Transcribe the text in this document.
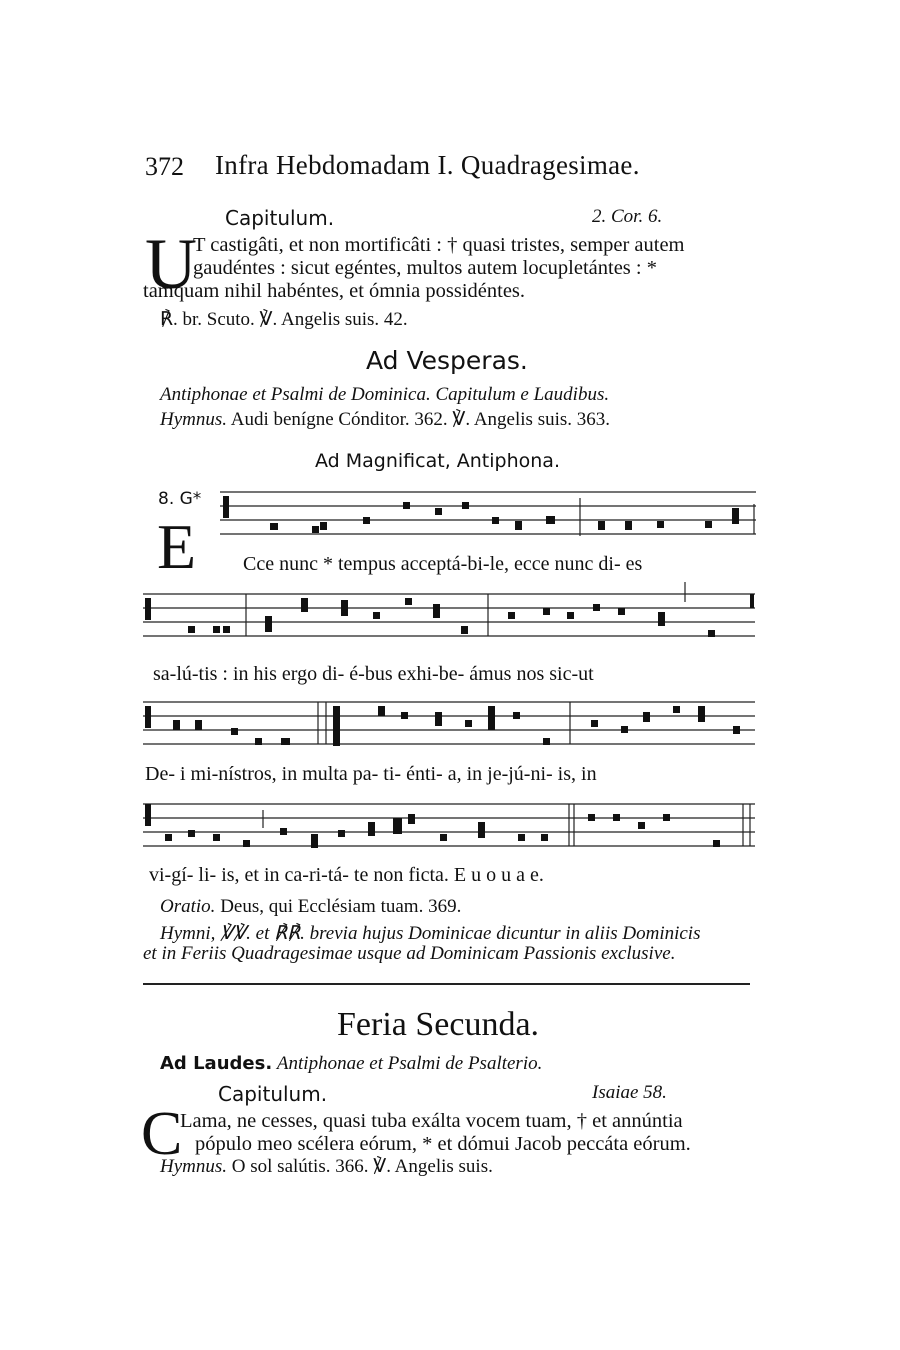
372 Infra Hebdomadam I. Quadragesimae.
Capitulum.	2. Cor. 6.
U
T castigâti, et non mortificâti : † quasi tristes, semper autem
gaudéntes : sicut egéntes, multos autem locupletántes : *
tamquam nihil habéntes, et ómnia possidéntes.
℟. br. Scuto. ℣. Angelis suis. 42.
Ad Vesperas.
Antiphonae et Psalmi de Dominica. Capitulum e Laudibus.
Hymnus. Audi benígne Cónditor. 362. ℣. Angelis suis. 363.
Ad Magnificat, Antiphona.
8. G*
E Cce nunc * tempus acceptá-bi-le, ecce nunc di- es
sa-lú-tis : in his ergo di- é-bus exhi-be- ámus nos sic-ut
De- i mi-nístros, in multa pa- ti- énti- a, in je-jú-ni- is, in
vi-gí- li- is, et in ca-ri-tá- te non ficta. E u o u a e.
Oratio. Deus, qui Ecclésiam tuam. 369.
Hymni, ℣℣. et ℟℟. brevia hujus Dominicae dicuntur in aliis Dominicis
et in Feriis Quadragesimae usque ad Dominicam Passionis exclusive.
Feria Secunda.
Ad Laudes. Antiphonae et Psalmi de Psalterio.
Capitulum.	Isaiae 58.
C
Lama, ne cesses, quasi tuba exálta vocem tuam, † et annúntia
pópulo meo scélera eórum, * et dómui Jacob peccáta eórum.
Hymnus. O sol salútis. 366. ℣. Angelis suis.
